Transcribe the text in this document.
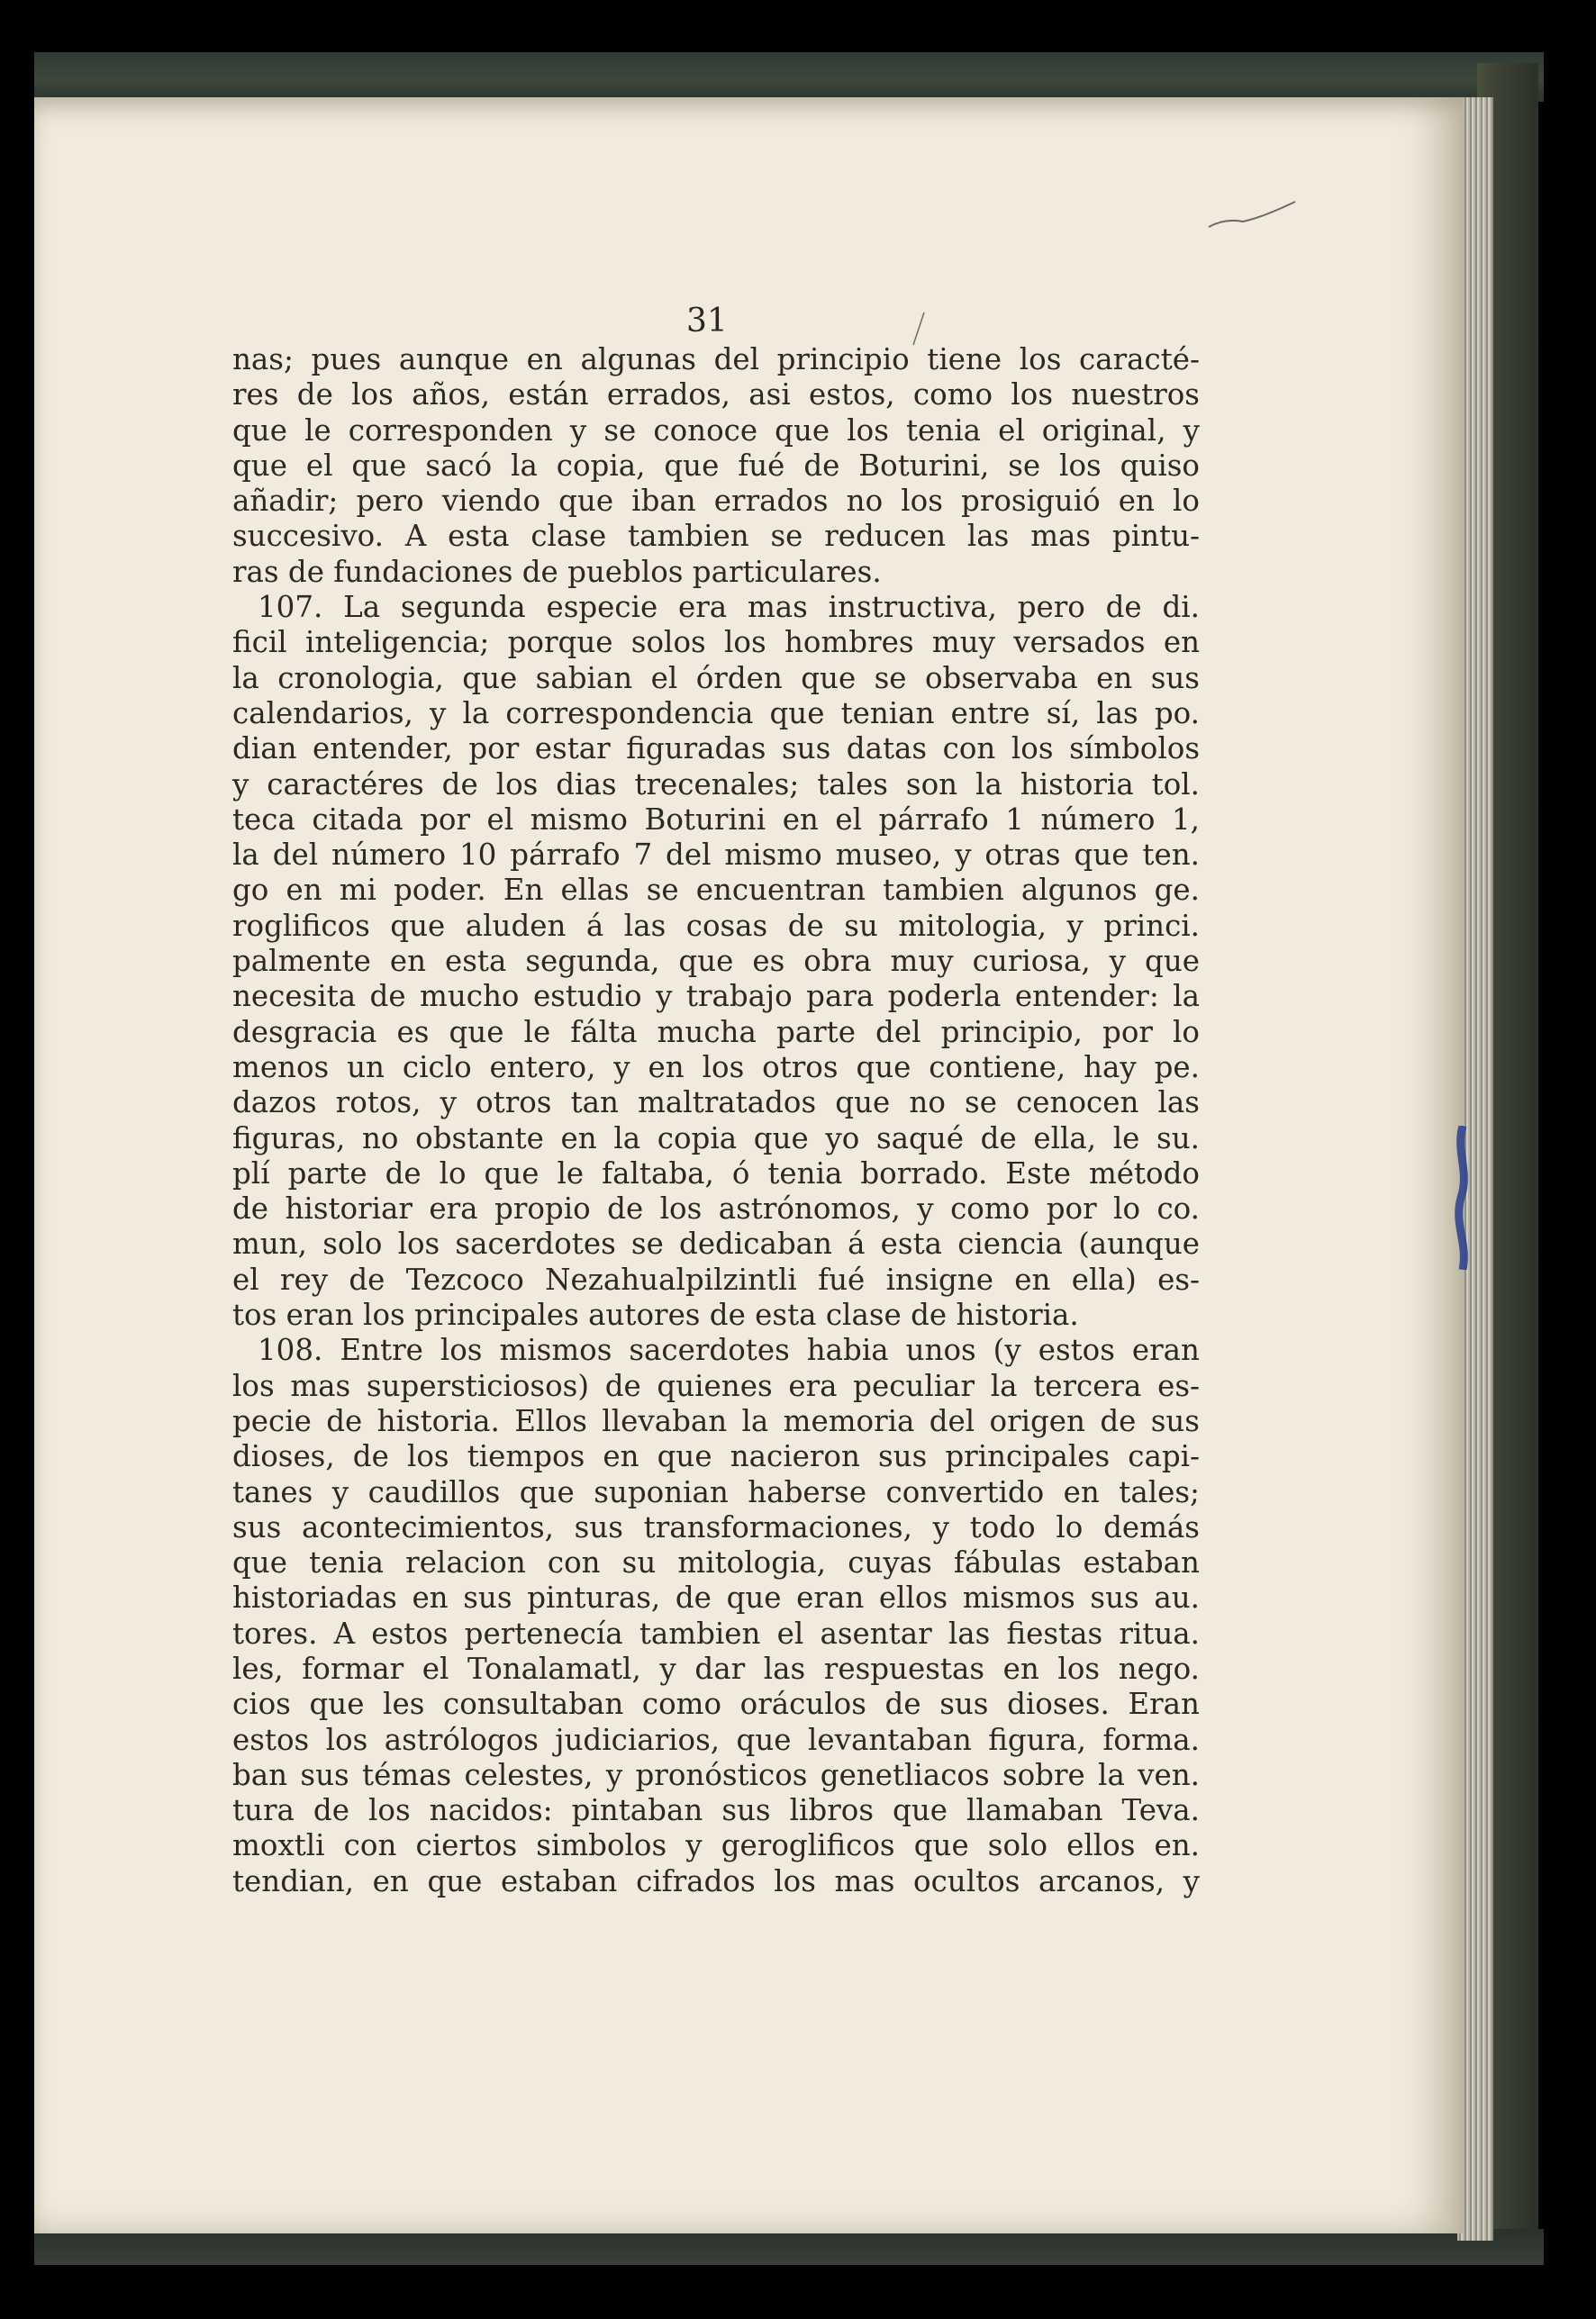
31
nas; pues aunque en algunas del principio tiene los caracté-
res de los años, están errados, asi estos, como los nuestros
que le corresponden y se conoce que los tenia el original, y
que el que sacó la copia, que fué de Boturini, se los quiso
añadir; pero viendo que iban errados no los prosiguió en lo
succesivo. A esta clase tambien se reducen las mas pintu-
ras de fundaciones de pueblos particulares.
107. La segunda especie era mas instructiva, pero de di.
ficil inteligencia; porque solos los hombres muy versados en
la cronologia, que sabian el órden que se observaba en sus
calendarios, y la correspondencia que tenian entre sí, las po.
dian entender, por estar figuradas sus datas con los símbolos
y caractéres de los dias trecenales; tales son la historia tol.
teca citada por el mismo Boturini en el párrafo 1 número 1,
la del número 10 párrafo 7 del mismo museo, y otras que ten.
go en mi poder. En ellas se encuentran tambien algunos ge.
roglificos que aluden á las cosas de su mitologia, y princi.
palmente en esta segunda, que es obra muy curiosa, y que
necesita de mucho estudio y trabajo para poderla entender: la
desgracia es que le fálta mucha parte del principio, por lo
menos un ciclo entero, y en los otros que contiene, hay pe.
dazos rotos, y otros tan maltratados que no se cenocen las
figuras, no obstante en la copia que yo saqué de ella, le su.
plí parte de lo que le faltaba, ó tenia borrado. Este método
de historiar era propio de los astrónomos, y como por lo co.
mun, solo los sacerdotes se dedicaban á esta ciencia (aunque
el rey de Tezcoco Nezahualpilzintli fué insigne en ella) es-
tos eran los principales autores de esta clase de historia.
108. Entre los mismos sacerdotes habia unos (y estos eran
los mas supersticiosos) de quienes era peculiar la tercera es-
pecie de historia. Ellos llevaban la memoria del origen de sus
dioses, de los tiempos en que nacieron sus principales capi-
tanes y caudillos que suponian haberse convertido en tales;
sus acontecimientos, sus transformaciones, y todo lo demás
que tenia relacion con su mitologia, cuyas fábulas estaban
historiadas en sus pinturas, de que eran ellos mismos sus au.
tores. A estos pertenecía tambien el asentar las fiestas ritua.
les, formar el Tonalamatl, y dar las respuestas en los nego.
cios que les consultaban como oráculos de sus dioses. Eran
estos los astrólogos judiciarios, que levantaban figura, forma.
ban sus témas celestes, y pronósticos genetliacos sobre la ven.
tura de los nacidos: pintaban sus libros que llamaban Teva.
moxtli con ciertos simbolos y geroglificos que solo ellos en.
tendian, en que estaban cifrados los mas ocultos arcanos, y
